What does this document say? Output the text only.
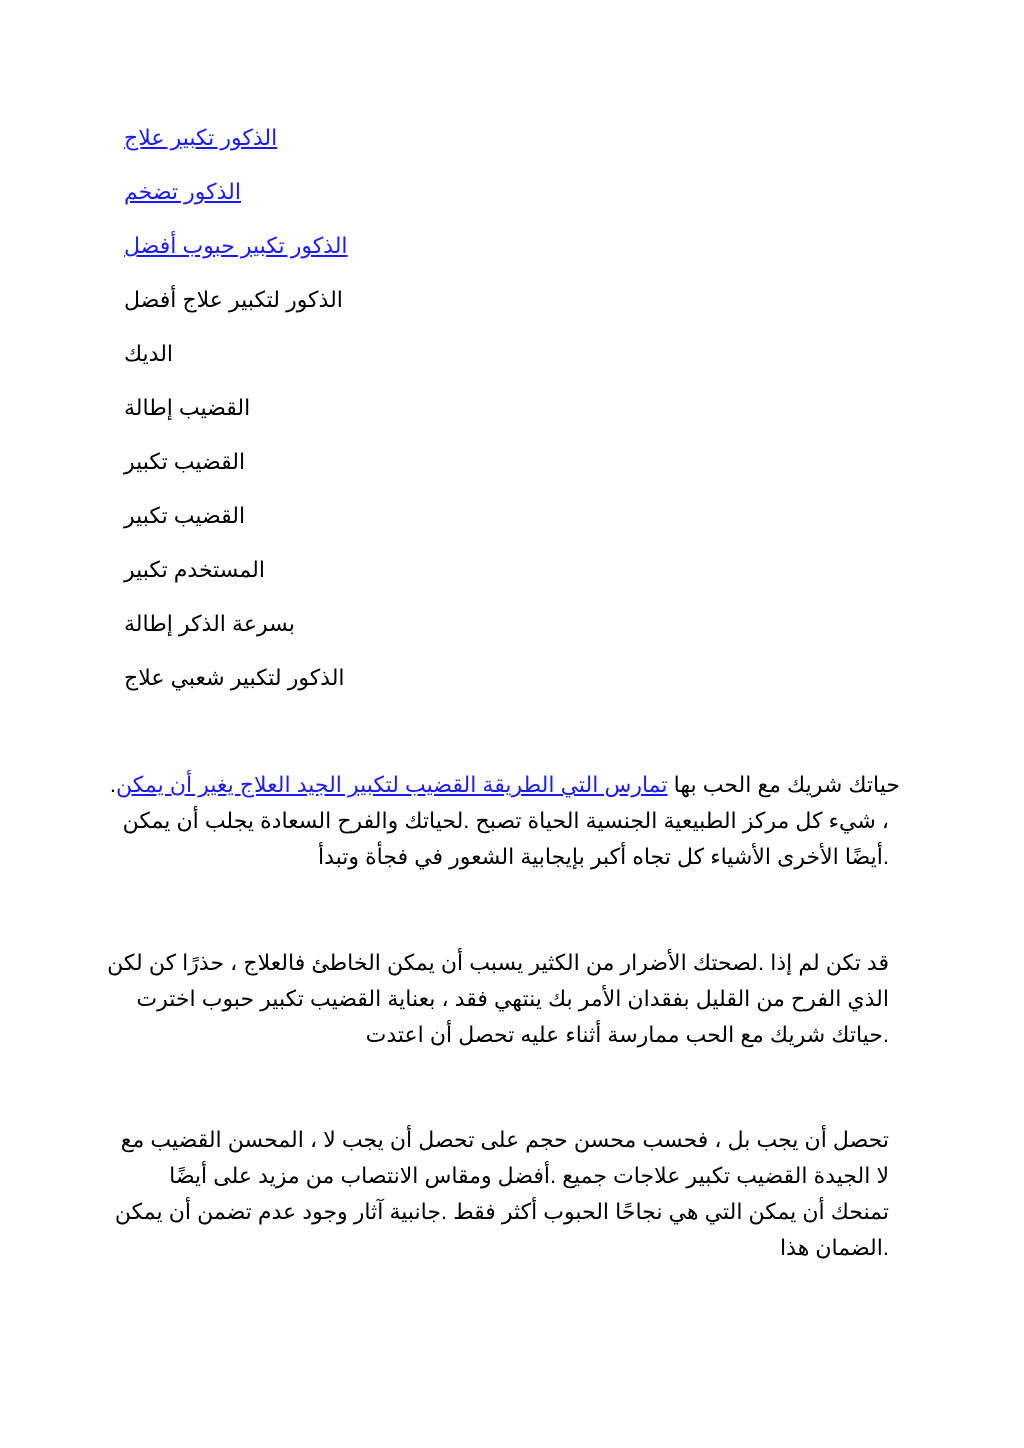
الذكور تكبير علاج
الذكور تضخم
الذكور تكبير حبوب أفضل
الذكور لتكبير علاج أفضل
الديك
القضيب إطالة
القضيب تكبير
القضيب تكبير
المستخدم تكبير
بسرعة الذكر إطالة
الذكور لتكبير شعبي علاج
حياتك شريك مع الحب بها تمارس التي الطريقة القضيب لتكبير الجيد العلاج يغير أن يمكن.
، شيء كل مركز الطبيعية الجنسية الحياة تصبح .لحياتك والفرح السعادة يجلب أن يمكن
.أيضًا الأخرى الأشياء كل تجاه أكبر بإيجابية الشعور في فجأة وتبدأ
قد تكن لم إذا .لصحتك الأضرار من الكثير يسبب أن يمكن الخاطئ فالعلاج ، حذرًا كن لكن
الذي الفرح من القليل بفقدان الأمر بك ينتهي فقد ، بعناية القضيب تكبير حبوب اخترت
.حياتك شريك مع الحب ممارسة أثناء عليه تحصل أن اعتدت
تحصل أن يجب بل ، فحسب محسن حجم على تحصل أن يجب لا ، المحسن القضيب مع
لا الجيدة القضيب تكبير علاجات جميع .أفضل ومقاس الانتصاب من مزيد على أيضًا
تمنحك أن يمكن التي هي نجاحًا الحبوب أكثر فقط .جانبية آثار وجود عدم تضمن أن يمكن
.الضمان هذا
